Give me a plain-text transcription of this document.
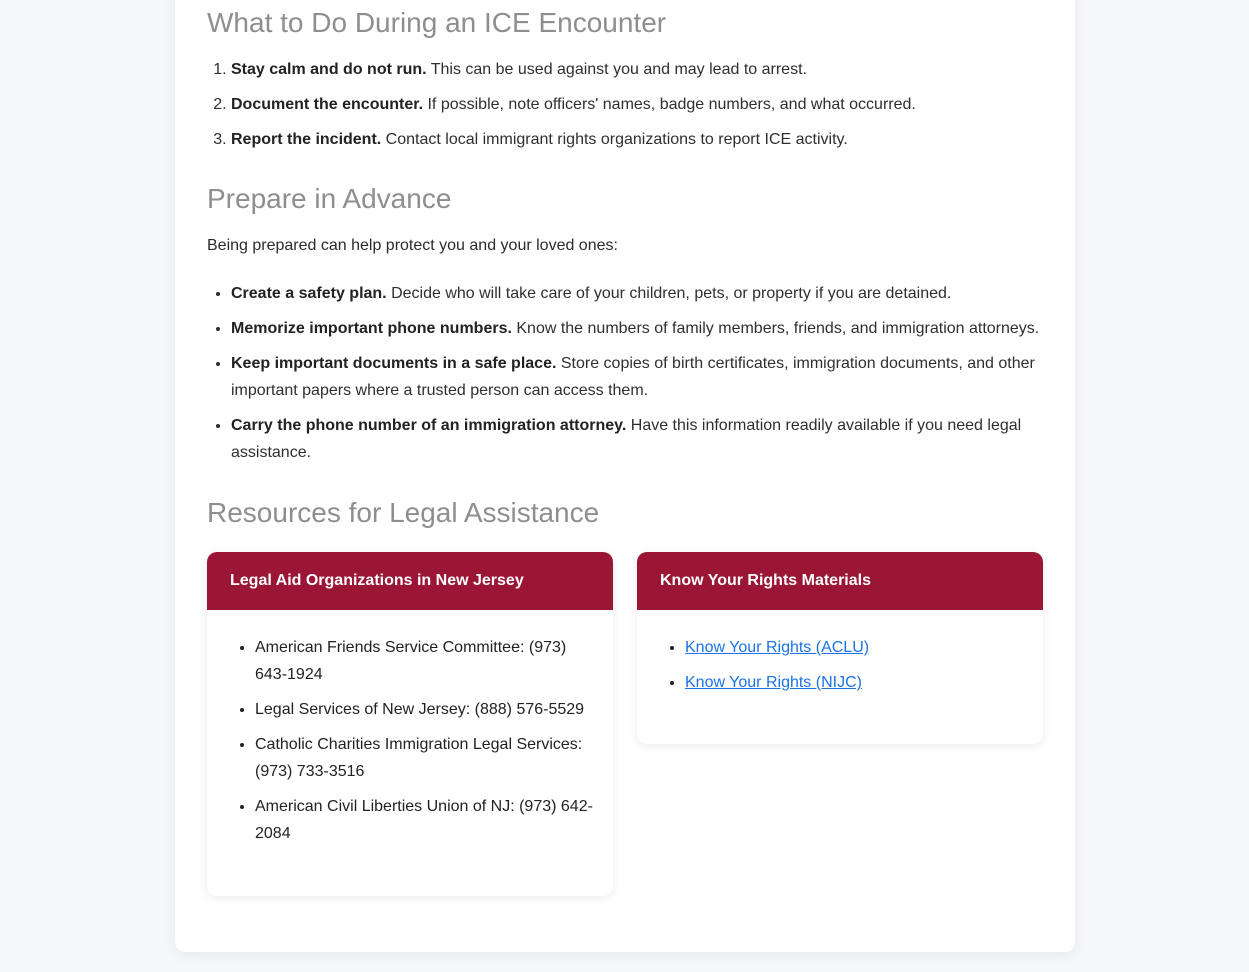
What to Do During an ICE Encounter
1. Stay calm and do not run. This can be used against you and may lead to arrest.
2. Document the encounter. If possible, note officers' names, badge numbers, and what occurred.
3. Report the incident. Contact local immigrant rights organizations to report ICE activity.
Prepare in Advance

Being prepared can help protect you and your loved ones:

• Create a safety plan. Decide who will take care of your children, pets, or property if you are detained.
• Memorize important phone numbers. Know the numbers of family members, friends, and immigration attorneys.
• Keep important documents in a safe place. Store copies of birth certificates, immigration documents, and other important papers where a trusted person can access them.
• Carry the phone number of an immigration attorney. Have this information readily available if you need legal assistance.
Resources for Legal Assistance
Legal Aid Organizations in New Jersey
• American Friends Service Committee: (973) 643-1924
• Legal Services of New Jersey: (888) 576-5529
• Catholic Charities Immigration Legal Services: (973) 733-3516
• American Civil Liberties Union of NJ: (973) 642-2084
Know Your Rights Materials
• Know Your Rights (ACLU)
• Know Your Rights (NIJC)
